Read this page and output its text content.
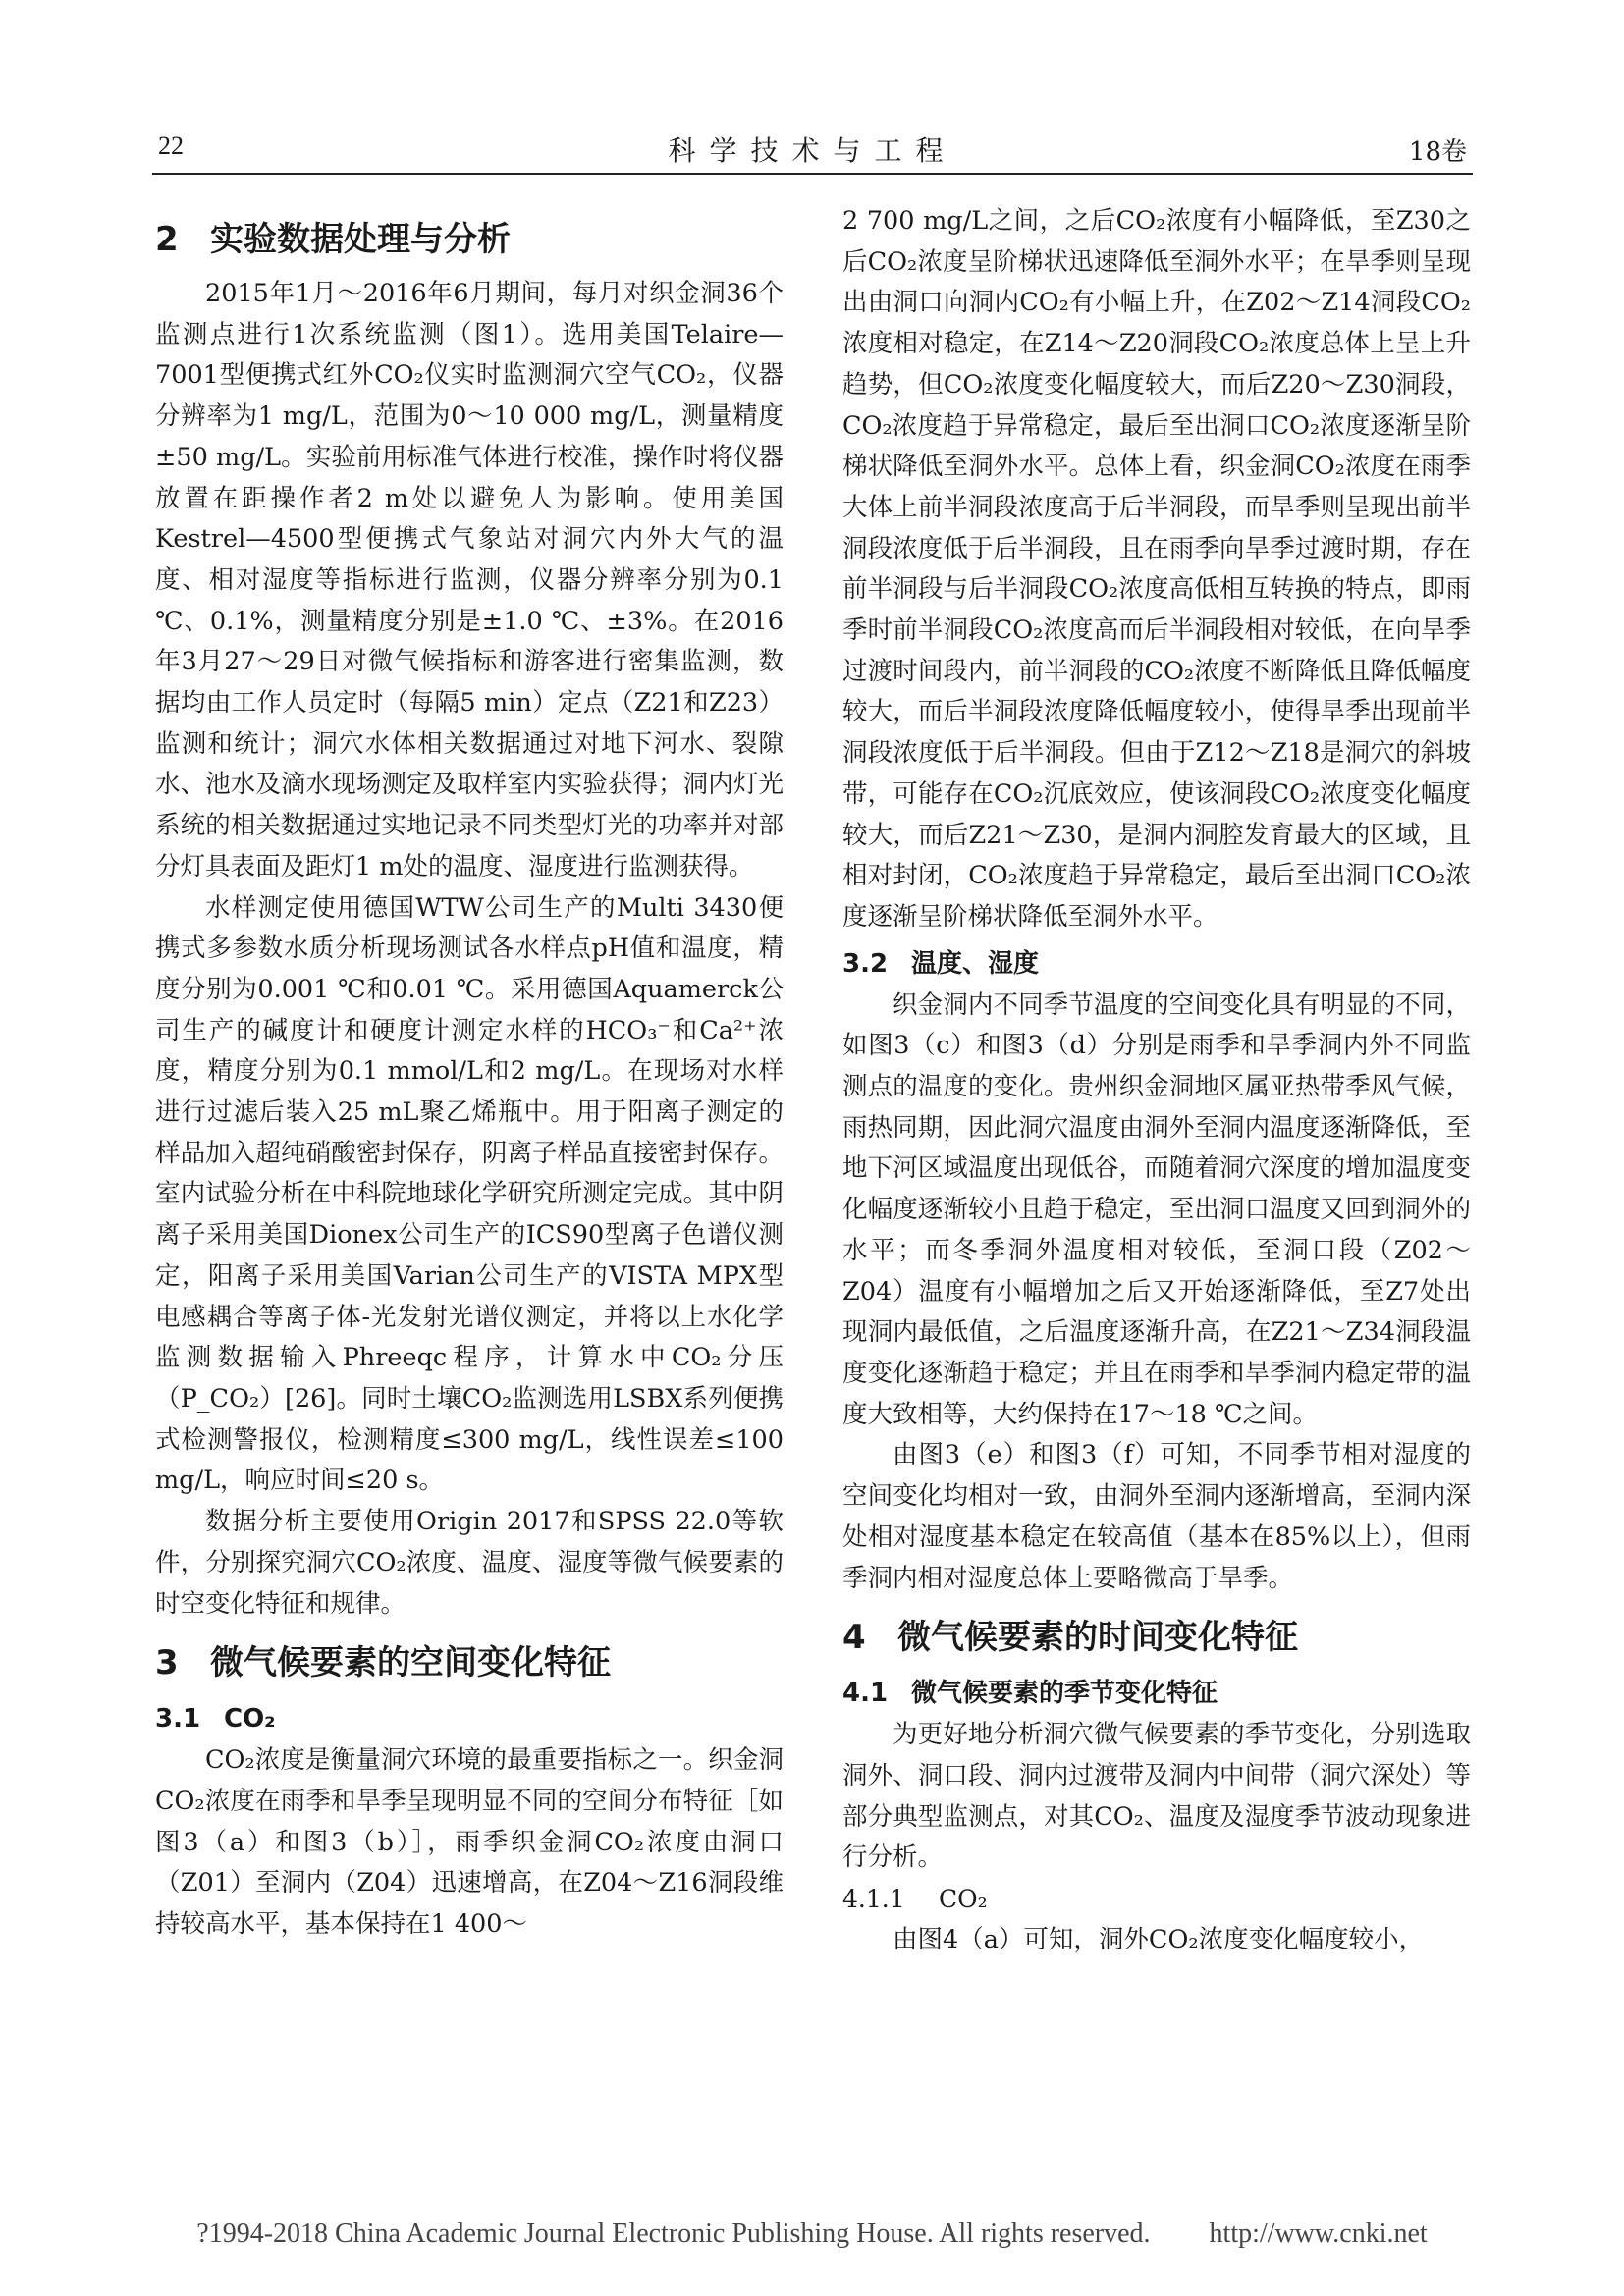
22	科学技术与工程	18卷
2 实验数据处理与分析

2015年1月～2016年6月期间，每月对织金洞36个监测点进行1次系统监测（图1）。选用美国Telaire—7001型便携式红外CO₂仪实时监测洞穴空气CO₂，仪器分辨率为1 mg/L，范围为0～10 000 mg/L，测量精度±50 mg/L。实验前用标准气体进行校准，操作时将仪器放置在距操作者2 m处以避免人为影响。使用美国Kestrel—4500型便携式气象站对洞穴内外大气的温度、相对湿度等指标进行监测，仪器分辨率分别为0.1 ℃、0.1%，测量精度分别是±1.0 ℃、±3%。在2016年3月27～29日对微气候指标和游客进行密集监测，数据均由工作人员定时（每隔5 min）定点（Z21和Z23）监测和统计；洞穴水体相关数据通过对地下河水、裂隙水、池水及滴水现场测定及取样室内实验获得；洞内灯光系统的相关数据通过实地记录不同类型灯光的功率并对部分灯具表面及距灯1 m处的温度、湿度进行监测获得。

水样测定使用德国WTW公司生产的Multi 3430便携式多参数水质分析现场测试各水样点pH值和温度，精度分别为0.001 ℃和0.01 ℃。采用德国Aquamerck公司生产的碱度计和硬度计测定水样的HCO₃⁻和Ca²⁺浓度，精度分别为0.1 mmol/L和2 mg/L。在现场对水样进行过滤后装入25 mL聚乙烯瓶中。用于阳离子测定的样品加入超纯硝酸密封保存，阴离子样品直接密封保存。室内试验分析在中科院地球化学研究所测定完成。其中阴离子采用美国Dionex公司生产的ICS90型离子色谱仪测定，阳离子采用美国Varian公司生产的VISTA MPX型电感耦合等离子体-光发射光谱仪测定，并将以上水化学监测数据输入Phreeqc程序，计算水中CO₂分压（P_CO₂）[26]。同时土壤CO₂监测选用LSBX系列便携式检测警报仪，检测精度≤300 mg/L，线性误差≤100 mg/L，响应时间≤20 s。

数据分析主要使用Origin 2017和SPSS 22.0等软件，分别探究洞穴CO₂浓度、温度、湿度等微气候要素的时空变化特征和规律。

3 微气候要素的空间变化特征
3.1 CO₂

CO₂浓度是衡量洞穴环境的最重要指标之一。织金洞CO₂浓度在雨季和旱季呈现明显不同的空间分布特征［如图3（a）和图3（b）］，雨季织金洞CO₂浓度由洞口（Z01）至洞内（Z04）迅速增高，在Z04～Z16洞段维持较高水平，基本保持在1 400～

2 700 mg/L之间，之后CO₂浓度有小幅降低，至Z30之后CO₂浓度呈阶梯状迅速降低至洞外水平；在旱季则呈现出由洞口向洞内CO₂有小幅上升，在Z02～Z14洞段CO₂浓度相对稳定，在Z14～Z20洞段CO₂浓度总体上呈上升趋势，但CO₂浓度变化幅度较大，而后Z20～Z30洞段，CO₂浓度趋于异常稳定，最后至出洞口CO₂浓度逐渐呈阶梯状降低至洞外水平。总体上看，织金洞CO₂浓度在雨季大体上前半洞段浓度高于后半洞段，而旱季则呈现出前半洞段浓度低于后半洞段，且在雨季向旱季过渡时期，存在前半洞段与后半洞段CO₂浓度高低相互转换的特点，即雨季时前半洞段CO₂浓度高而后半洞段相对较低，在向旱季过渡时间段内，前半洞段的CO₂浓度不断降低且降低幅度较大，而后半洞段浓度降低幅度较小，使得旱季出现前半洞段浓度低于后半洞段。但由于Z12～Z18是洞穴的斜坡带，可能存在CO₂沉底效应，使该洞段CO₂浓度变化幅度较大，而后Z21～Z30，是洞内洞腔发育最大的区域，且相对封闭，CO₂浓度趋于异常稳定，最后至出洞口CO₂浓度逐渐呈阶梯状降低至洞外水平。

3.2 温度、湿度

织金洞内不同季节温度的空间变化具有明显的不同，如图3（c）和图3（d）分别是雨季和旱季洞内外不同监测点的温度的变化。贵州织金洞地区属亚热带季风气候，雨热同期，因此洞穴温度由洞外至洞内温度逐渐降低，至地下河区域温度出现低谷，而随着洞穴深度的增加温度变化幅度逐渐较小且趋于稳定，至出洞口温度又回到洞外的水平；而冬季洞外温度相对较低，至洞口段（Z02～Z04）温度有小幅增加之后又开始逐渐降低，至Z7处出现洞内最低值，之后温度逐渐升高，在Z21～Z34洞段温度变化逐渐趋于稳定；并且在雨季和旱季洞内稳定带的温度大致相等，大约保持在17～18 ℃之间。

由图3（e）和图3（f）可知，不同季节相对湿度的空间变化均相对一致，由洞外至洞内逐渐增高，至洞内深处相对湿度基本稳定在较高值（基本在85%以上），但雨季洞内相对湿度总体上要略微高于旱季。

4 微气候要素的时间变化特征
4.1 微气候要素的季节变化特征

为更好地分析洞穴微气候要素的季节变化，分别选取洞外、洞口段、洞内过渡带及洞内中间带（洞穴深处）等部分典型监测点，对其CO₂、温度及湿度季节波动现象进行分析。

4.1.1 CO₂

由图4（a）可知，洞外CO₂浓度变化幅度较小，

?1994-2018 China Academic Journal Electronic Publishing House. All rights reserved. http://www.cnki.net
